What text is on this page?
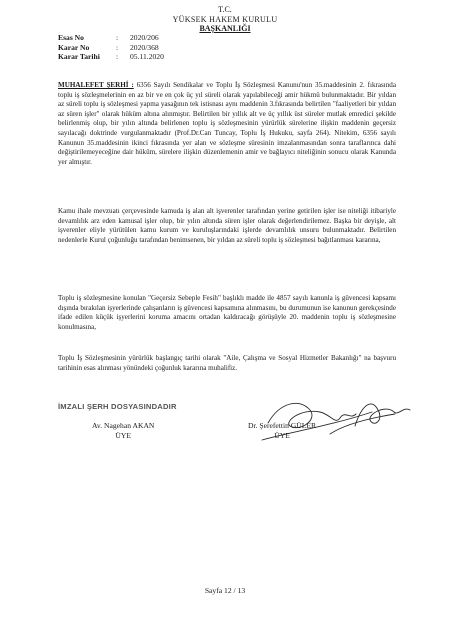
T.C.
YÜKSEK HAKEM KURULU
BAŞKANLIĞI
Esas No	:	2020/206
Karar No	:	2020/368
Karar Tarihi	:	05.11.2020
MUHALEFET ŞERHİ : 6356 Sayılı Sendikalar ve Toplu İş Sözleşmesi Kanunu'nun 35.maddesinin 2. fıkrasında toplu iş sözleşmelerinin en az bir ve en çok üç yıl süreli olarak yapılabileceği amir hükmü bulunmaktadır. Bir yıldan az süreli toplu iş sözleşmesi yapma yasağının tek istisnası aynı maddenin 3.fıkrasında belirtilen "faaliyetleri bir yıldan az süren işler" olarak hüküm altına alınmıştır. Belirtilen bir yıllık alt ve üç yıllık üst süreler mutlak emredici şekilde belirlenmiş olup, bir yılın altında belirlenen toplu iş sözleşmesinin yürürlük sürelerine ilişkin maddenin geçersiz sayılacağı doktrinde vurgulanmaktadır (Prof.Dr.Can Tuncay, Toplu İş Hukuku, sayfa 264). Nitekim, 6356 sayılı Kanunun 35.maddesinin ikinci fıkrasında yer alan ve sözleşme süresinin imzalanmasından sonra taraflarınca dahi değiştirilemeyeceğine dair hüküm, sürelere ilişkin düzenlemenin amir ve bağlayıcı niteliğinin sonucu olarak Kanunda yer almıştır.
Kamu ihale mevzuatı çerçevesinde kamuda iş alan alt işverenler tarafından yerine getirilen işler ise niteliği itibariyle devamlılık arz eden kamusal işler olup, bir yılın altında süren işler olarak değerlendirilemez. Başka bir deyişle, alt işverenler eliyle yürütülen kamu kurum ve kuruluşlarındaki işlerde devamlılık unsuru bulunmaktadır. Belirtilen nedenlerle Kurul çoğunluğu tarafından benimsenen, bir yıldan az süreli toplu iş sözleşmesi bağıtlanması kararına,
Toplu iş sözleşmesine konulan "Geçersiz Sebeple Fesih" başlıklı madde ile 4857 sayılı kanunla iş güvencesi kapsamı dışında bırakılan işyerlerinde çalışanların iş güvencesi kapsamına alınmasını, bu durumunun ise kanunun gerekçesinde ifade edilen küçük işyerlerini koruma amacını ortadan kaldıracağı görüşüyle 20. maddenin toplu iş sözleşmesine konulmasına,
Toplu İş Sözleşmesinin yürürlük başlangıç tarihi olarak "Aile, Çalışma ve Sosyal Hizmetler Bakanlığı" na başvuru tarihinin esas alınması yönündeki çoğunluk kararına muhalifiz.
İMZALI ŞERH DOSYASINDADIR
Av. Nagehan AKAN
ÜYE
Dr. Şerefettin GÜLER
ÜYE
Sayfa 12 / 13
